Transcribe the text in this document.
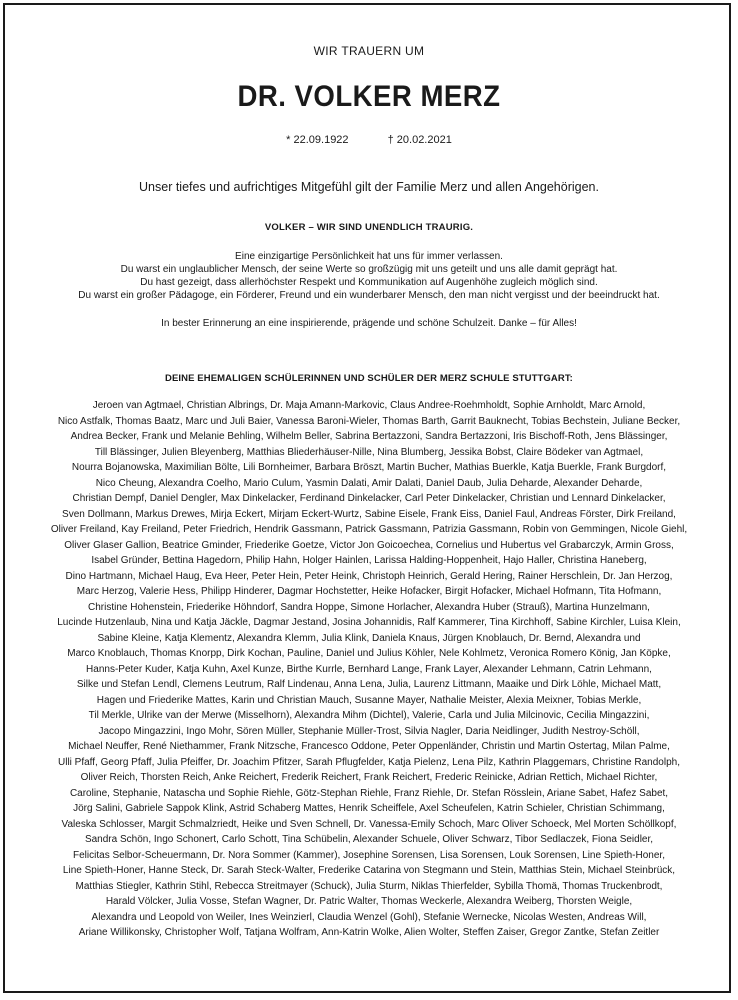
WIR TRAUERN UM
DR. VOLKER MERZ
* 22.09.1922	† 20.02.2021
Unser tiefes und aufrichtiges Mitgefühl gilt der Familie Merz und allen Angehörigen.
VOLKER – WIR SIND UNENDLICH TRAURIG.
Eine einzigartige Persönlichkeit hat uns für immer verlassen.
Du warst ein unglaublicher Mensch, der seine Werte so großzügig mit uns geteilt und uns alle damit geprägt hat.
Du hast gezeigt, dass allerhöchster Respekt und Kommunikation auf Augenhöhe zugleich möglich sind.
Du warst ein großer Pädagoge, ein Förderer, Freund und ein wunderbarer Mensch, den man nicht vergisst und der beeindruckt hat.
In bester Erinnerung an eine inspirierende, prägende und schöne Schulzeit. Danke – für Alles!
DEINE EHEMALIGEN SCHÜLERINNEN UND SCHÜLER DER MERZ SCHULE STUTTGART:
Jeroen van Agtmael, Christian Albrings, Dr. Maja Amann-Markovic, Claus Andree-Roehmholdt, Sophie Arnholdt, Marc Arnold,
Nico Astfalk, Thomas Baatz, Marc und Juli Baier, Vanessa Baroni-Wieler, Thomas Barth, Garrit Bauknecht, Tobias Bechstein, Juliane Becker,
Andrea Becker, Frank und Melanie Behling, Wilhelm Beller, Sabrina Bertazzoni, Sandra Bertazzoni, Iris Bischoff-Roth, Jens Blässinger,
Till Blässinger, Julien Bleyenberg, Matthias Bliederhäuser-Nille, Nina Blumberg, Jessika Bobst, Claire Bödeker van Agtmael,
Nourra Bojanowska, Maximilian Bölte, Lili Bornheimer, Barbara Bröszt, Martin Bucher, Mathias Buerkle, Katja Buerkle, Frank Burgdorf,
Nico Cheung, Alexandra Coelho, Mario Culum, Yasmin Dalati, Amir Dalati, Daniel Daub, Julia Deharde, Alexander Deharde,
Christian Dempf, Daniel Dengler, Max Dinkelacker, Ferdinand Dinkelacker, Carl Peter Dinkelacker, Christian und Lennard Dinkelacker,
Sven Dollmann, Markus Drewes, Mirja Eckert, Mirjam Eckert-Wurtz, Sabine Eisele, Frank Eiss, Daniel Faul, Andreas Förster, Dirk Freiland,
Oliver Freiland, Kay Freiland, Peter Friedrich, Hendrik Gassmann, Patrick Gassmann, Patrizia Gassmann, Robin von Gemmingen, Nicole Giehl,
Oliver Glaser Gallion, Beatrice Gminder, Friederike Goetze, Victor Jon Goicoechea, Cornelius und Hubertus vel Grabarczyk, Armin Gross,
Isabel Gründer, Bettina Hagedorn, Philip Hahn, Holger Hainlen, Larissa Halding-Hoppenheit, Hajo Haller, Christina Haneberg,
Dino Hartmann, Michael Haug, Eva Heer, Peter Hein, Peter Heink, Christoph Heinrich, Gerald Hering, Rainer Herschlein, Dr. Jan Herzog,
Marc Herzog, Valerie Hess, Philipp Hinderer, Dagmar Hochstetter, Heike Hofacker, Birgit Hofacker, Michael Hofmann, Tita Hofmann,
Christine Hohenstein, Friederike Höhndorf, Sandra Hoppe, Simone Horlacher, Alexandra Huber (Strauß), Martina Hunzelmann,
Lucinde Hutzenlaub, Nina und Katja Jäckle, Dagmar Jestand, Josina Johannidis, Ralf Kammerer, Tina Kirchhoff, Sabine Kirchler, Luisa Klein,
Sabine Kleine, Katja Klementz, Alexandra Klemm, Julia Klink, Daniela Knaus, Jürgen Knoblauch, Dr. Bernd, Alexandra und
Marco Knoblauch, Thomas Knorpp, Dirk Kochan, Pauline, Daniel und Julius Köhler, Nele Kohlmetz, Veronica Romero König, Jan Köpke,
Hanns-Peter Kuder, Katja Kuhn, Axel Kunze, Birthe Kurrle, Bernhard Lange, Frank Layer, Alexander Lehmann, Catrin Lehmann,
Silke und Stefan Lendl, Clemens Leutrum, Ralf Lindenau, Anna Lena, Julia, Laurenz Littmann, Maaike und Dirk Löhle, Michael Matt,
Hagen und Friederike Mattes, Karin und Christian Mauch, Susanne Mayer, Nathalie Meister, Alexia Meixner, Tobias Merkle,
Til Merkle, Ulrike van der Merwe (Misselhorn), Alexandra Mihm (Dichtel), Valerie, Carla und Julia Milcinovic, Cecilia Mingazzini,
Jacopo Mingazzini, Ingo Mohr, Sören Müller, Stephanie Müller-Trost, Silvia Nagler, Daria Neidlinger, Judith Nestroy-Schöll,
Michael Neuffer, René Niethammer, Frank Nitzsche, Francesco Oddone, Peter Oppenländer, Christin und Martin Ostertag, Milan Palme,
Ulli Pfaff, Georg Pfaff, Julia Pfeiffer, Dr. Joachim Pfitzer, Sarah Pflugfelder, Katja Pielenz, Lena Pilz, Kathrin Plaggemars, Christine Randolph,
Oliver Reich, Thorsten Reich, Anke Reichert, Frederik Reichert, Frank Reichert, Frederic Reinicke, Adrian Rettich, Michael Richter,
Caroline, Stephanie, Natascha und Sophie Riehle, Götz-Stephan Riehle, Franz Riehle, Dr. Stefan Rösslein, Ariane Sabet, Hafez Sabet,
Jörg Salini, Gabriele Sappok Klink, Astrid Schaberg Mattes, Henrik Scheiffele, Axel Scheufelen, Katrin Schieler, Christian Schimmang,
Valeska Schlosser, Margit Schmalzriedt, Heike und Sven Schnell, Dr. Vanessa-Emily Schoch, Marc Oliver Schoeck, Mel Morten Schöllkopf,
Sandra Schön, Ingo Schonert, Carlo Schott, Tina Schübelin, Alexander Schuele, Oliver Schwarz, Tibor Sedlaczek, Fiona Seidler,
Felicitas Selbor-Scheuermann, Dr. Nora Sommer (Kammer), Josephine Sorensen, Lisa Sorensen, Louk Sorensen, Line Spieth-Honer,
Line Spieth-Honer, Hanne Steck, Dr. Sarah Steck-Walter, Frederike Catarina von Stegmann und Stein, Matthias Stein, Michael Steinbrück,
Matthias Stiegler, Kathrin Stihl, Rebecca Streitmayer (Schuck), Julia Sturm, Niklas Thierfelder, Sybilla Thomä, Thomas Truckenbrodt,
Harald Völcker, Julia Vosse, Stefan Wagner, Dr. Patric Walter, Thomas Weckerle, Alexandra Weiberg, Thorsten Weigle,
Alexandra und Leopold von Weiler, Ines Weinzierl, Claudia Wenzel (Gohl), Stefanie Wernecke, Nicolas Westen, Andreas Will,
Ariane Willikonsky, Christopher Wolf, Tatjana Wolfram, Ann-Katrin Wolke, Alien Wolter, Steffen Zaiser, Gregor Zantke, Stefan Zeitler
